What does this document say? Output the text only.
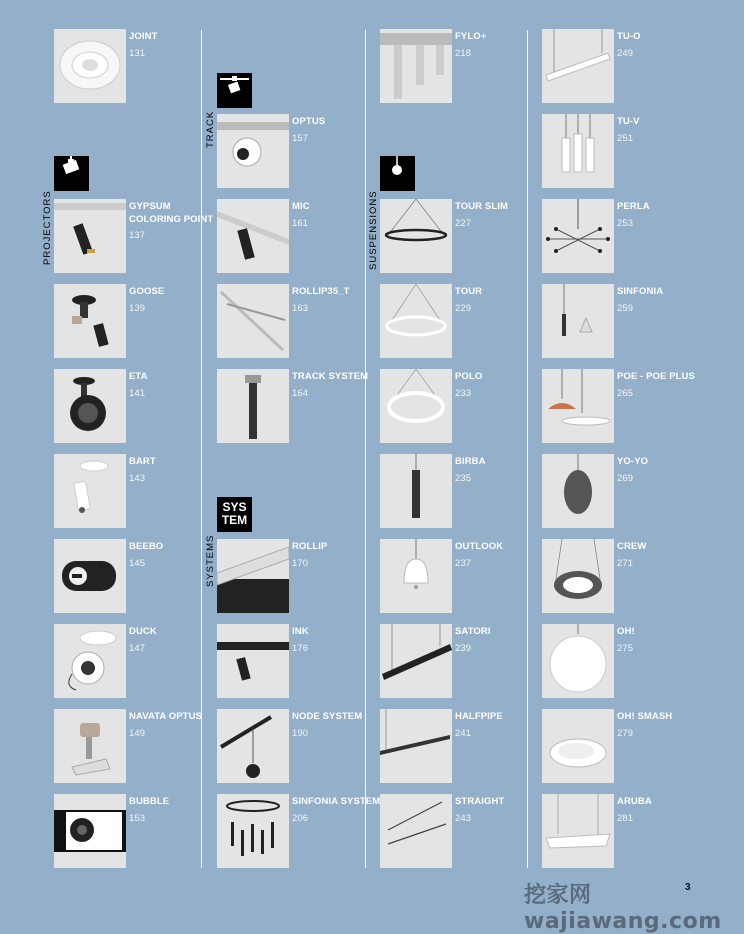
PROJECTORS
TRACK
SYS
TEM
SYSTEMS
SUSPENSIONS
JOINT
131
GYPSUM COLORING POINT
137
GOOSE
139
ETA
141
BART
143
BEEBO
145
DUCK
147
NAVATA OPTUS
149
BUBBLE
153
OPTUS
157
MIC
161
ROLLIP35_T
163
TRACK SYSTEM
164
ROLLIP
170
INK
176
NODE SYSTEM
190
SINFONIA SYSTEM
206
FYLO+
218
TOUR SLIM
227
TOUR
229
POLO
233
BIRBA
235
OUTLOOK
237
SATORI
239
HALFPIPE
241
STRAIGHT
243
TU-O
249
TU-V
251
PERLA
253
SINFONIA
259
POE - POE PLUS
265
YO-YO
269
CREW
271
OH!
275
OH! SMASH
279
ARUBA
281
挖家网 wajiawang.com
3
